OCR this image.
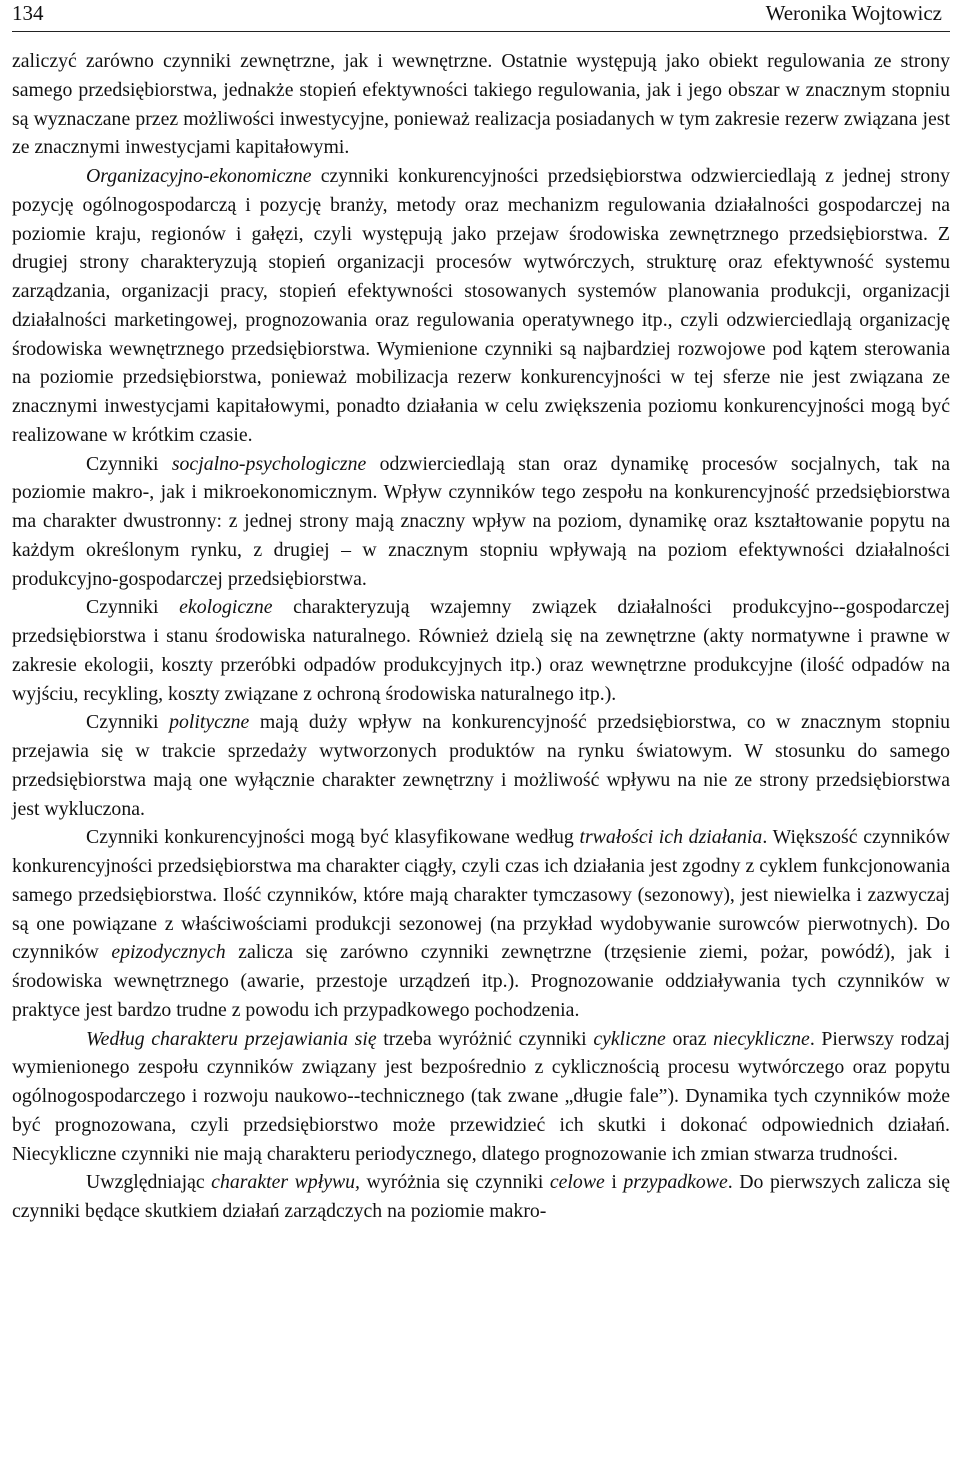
134	Weronika Wojtowicz

zaliczyć zarówno czynniki zewnętrzne, jak i wewnętrzne. Ostatnie występują jako obiekt regulowania ze strony samego przedsiębiorstwa, jednakże stopień efektywności takiego regulowania, jak i jego obszar w znacznym stopniu są wyznaczane przez możliwości inwestycyjne, ponieważ realizacja posiadanych w tym zakresie rezerw związana jest ze znacznymi inwestycjami kapitałowymi.

Organizacyjno-ekonomiczne czynniki konkurencyjności przedsiębiorstwa odzwierciedlają z jednej strony pozycję ogólnogospodarczą i pozycję branży, metody oraz mechanizm regulowania działalności gospodarczej na poziomie kraju, regionów i gałęzi, czyli występują jako przejaw środowiska zewnętrznego przedsiębiorstwa. Z drugiej strony charakteryzują stopień organizacji procesów wytwórczych, strukturę oraz efektywność systemu zarządzania, organizacji pracy, stopień efektywności stosowanych systemów planowania produkcji, organizacji działalności marketingowej, prognozowania oraz regulowania operatywnego itp., czyli odzwierciedlają organizację środowiska wewnętrznego przedsiębiorstwa. Wymienione czynniki są najbardziej rozwojowe pod kątem sterowania na poziomie przedsiębiorstwa, ponieważ mobilizacja rezerw konkurencyjności w tej sferze nie jest związana ze znacznymi inwestycjami kapitałowymi, ponadto działania w celu zwiększenia poziomu konkurencyjności mogą być realizowane w krótkim czasie.

Czynniki socjalno-psychologiczne odzwierciedlają stan oraz dynamikę procesów socjalnych, tak na poziomie makro-, jak i mikroekonomicznym. Wpływ czynników tego zespołu na konkurencyjność przedsiębiorstwa ma charakter dwustronny: z jednej strony mają znaczny wpływ na poziom, dynamikę oraz kształtowanie popytu na każdym określonym rynku, z drugiej – w znacznym stopniu wpływają na poziom efektywności działalności produkcyjno-gospodarczej przedsiębiorstwa.

Czynniki ekologiczne charakteryzują wzajemny związek działalności produkcyjno--gospodarczej przedsiębiorstwa i stanu środowiska naturalnego. Również dzielą się na zewnętrzne (akty normatywne i prawne w zakresie ekologii, koszty przeróbki odpadów produkcyjnych itp.) oraz wewnętrzne produkcyjne (ilość odpadów na wyjściu, recykling, koszty związane z ochroną środowiska naturalnego itp.).

Czynniki polityczne mają duży wpływ na konkurencyjność przedsiębiorstwa, co w znacznym stopniu przejawia się w trakcie sprzedaży wytworzonych produktów na rynku światowym. W stosunku do samego przedsiębiorstwa mają one wyłącznie charakter zewnętrzny i możliwość wpływu na nie ze strony przedsiębiorstwa jest wykluczona.

Czynniki konkurencyjności mogą być klasyfikowane według trwałości ich działania. Większość czynników konkurencyjności przedsiębiorstwa ma charakter ciągły, czyli czas ich działania jest zgodny z cyklem funkcjonowania samego przedsiębiorstwa. Ilość czynników, które mają charakter tymczasowy (sezonowy), jest niewielka i zazwyczaj są one powiązane z właściwościami produkcji sezonowej (na przykład wydobywanie surowców pierwotnych). Do czynników epizodycznych zalicza się zarówno czynniki zewnętrzne (trzęsienie ziemi, pożar, powódź), jak i środowiska wewnętrznego (awarie, przestoje urządzeń itp.). Prognozowanie oddziaływania tych czynników w praktyce jest bardzo trudne z powodu ich przypadkowego pochodzenia.

Według charakteru przejawiania się trzeba wyróżnić czynniki cykliczne oraz niecykliczne. Pierwszy rodzaj wymienionego zespołu czynników związany jest bezpośrednio z cyklicznością procesu wytwórczego oraz popytu ogólnogospodarczego i rozwoju naukowo--technicznego (tak zwane „długie fale”). Dynamika tych czynników może być prognozowana, czyli przedsiębiorstwo może przewidzieć ich skutki i dokonać odpowiednich działań. Niecykliczne czynniki nie mają charakteru periodycznego, dlatego prognozowanie ich zmian stwarza trudności.

Uwzględniając charakter wpływu, wyróżnia się czynniki celowe i przypadkowe. Do pierwszych zalicza się czynniki będące skutkiem działań zarządczych na poziomie makro-
